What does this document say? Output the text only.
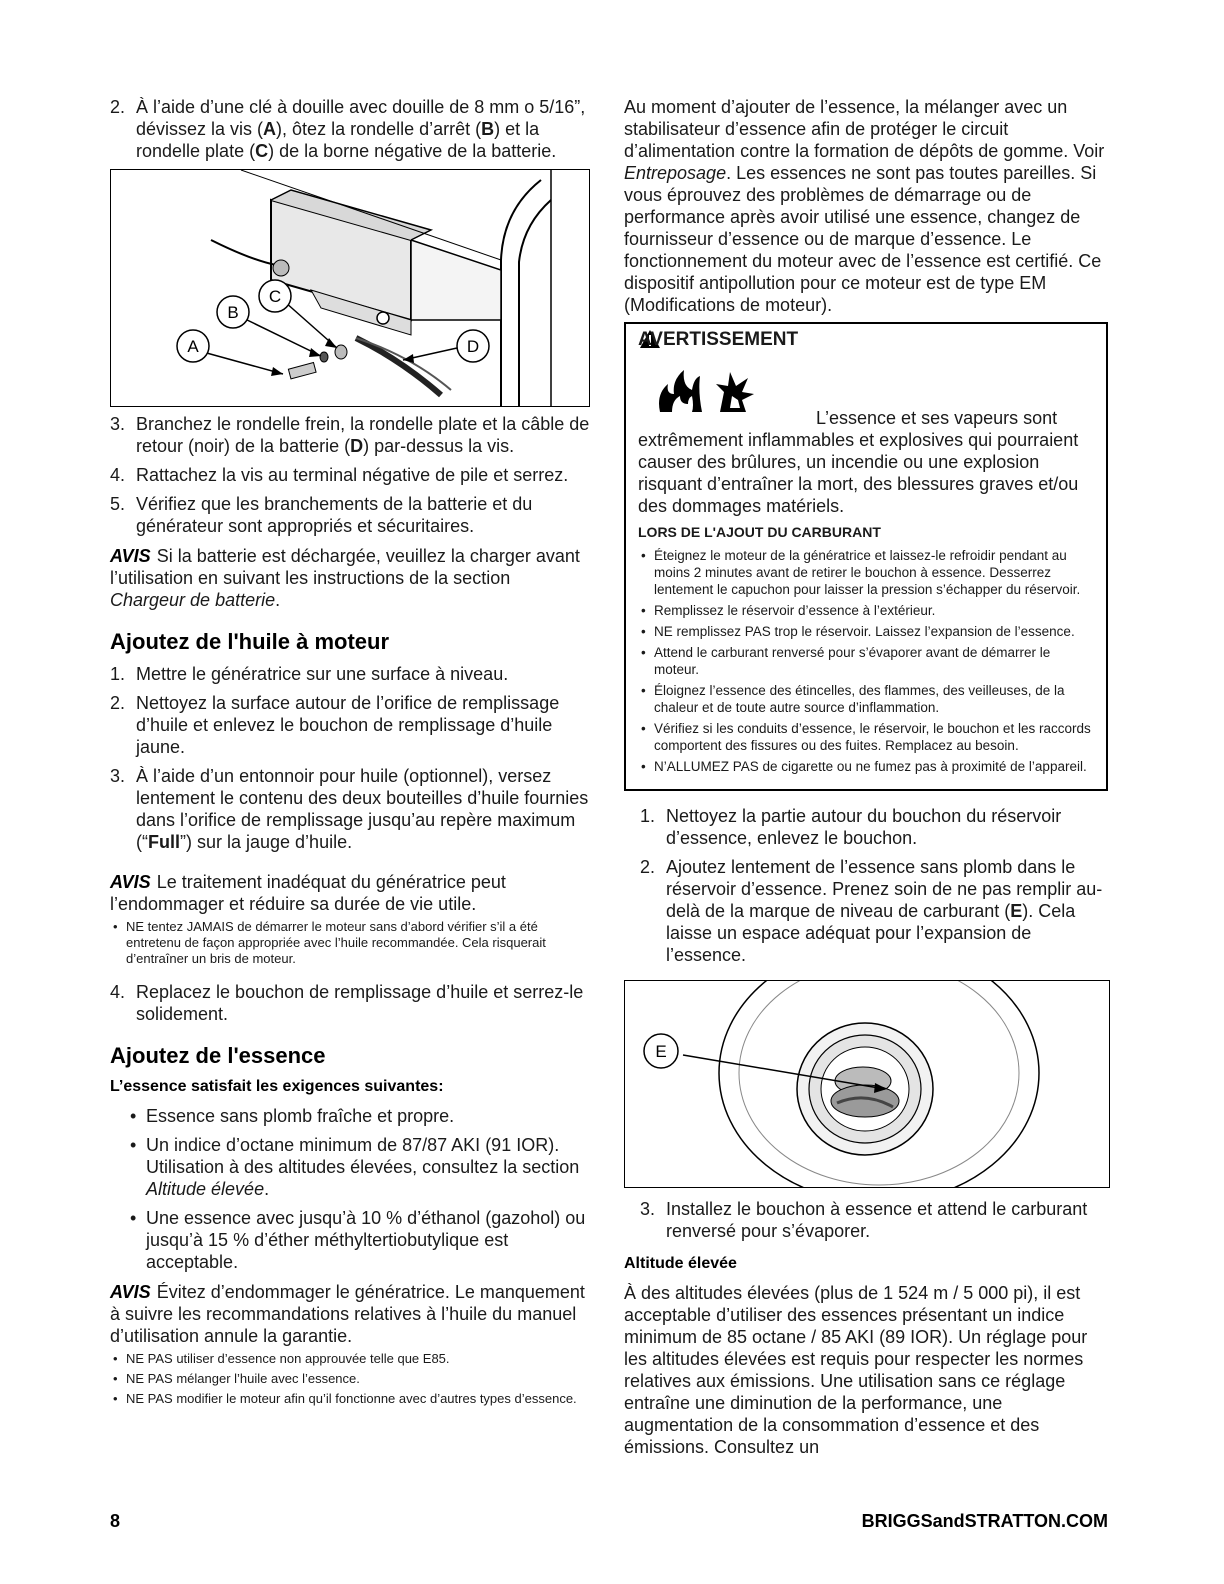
2. À l’aide d’une clé à douille avec douille de 8 mm o 5/16”, dévissez la vis (A), ôtez la rondelle d’arrêt (B) et la rondelle plate (C) de la borne négative de la batterie.
A
B
C
D
3. Branchez le rondelle frein, la rondelle plate et la câble de retour (noir) de la batterie (D) par-dessus la vis.
4. Rattachez la vis au terminal négative de pile et serrez.
5. Vérifiez que les branchements de la batterie et du générateur sont appropriés et sécuritaires.

AVIS Si la batterie est déchargée, veuillez la charger avant l’utilisation en suivant les instructions de la section Chargeur de batterie.

Ajoutez de l'huile à moteur
1. Mettre le génératrice sur une surface à niveau.
2. Nettoyez la surface autour de l’orifice de remplissage d’huile et enlevez le bouchon de remplissage d’huile jaune.
3. À l’aide d’un entonnoir pour huile (optionnel), versez lentement le contenu des deux bouteilles d’huile fournies dans l’orifice de remplissage jusqu’au repère maximum (“Full”) sur la jauge d’huile.

AVIS Le traitement inadéquat du génératrice peut l’endommager et réduire sa durée de vie utile.

• NE tentez JAMAIS de démarrer le moteur sans d’abord vérifier s’il a été entretenu de façon appropriée avec l’huile recommandée. Cela risquerait d’entraîner un bris de moteur.
4. Replacez le bouchon de remplissage d’huile et serrez-le solidement.
Ajoutez de l'essence
L’essence satisfait les exigences suivantes:
• Essence sans plomb fraîche et propre.
• Un indice d’octane minimum de 87/87 AKI (91 IOR). Utilisation à des altitudes élevées, consultez la section Altitude élevée.
• Une essence avec jusqu’à 10 % d’éthanol (gazohol) ou jusqu’à 15 % d’éther méthyltertiobutylique est acceptable.

AVIS Évitez d’endommager le génératrice. Le manquement à suivre les recommandations relatives à l’huile du manuel d’utilisation annule la garantie.

• NE PAS utiliser d’essence non approuvée telle que E85.
• NE PAS mélanger l’huile avec l’essence.
• NE PAS modifier le moteur afin qu’il fonctionne avec d’autres types d’essence.

Au moment d’ajouter de l’essence, la mélanger avec un stabilisateur d’essence afin de protéger le circuit d’alimentation contre la formation de dépôts de gomme. Voir Entreposage. Les essences ne sont pas toutes pareilles. Si vous éprouvez des problèmes de démarrage ou de performance après avoir utilisé une essence, changez de fournisseur d’essence ou de marque d’essence. Le fonctionnement du moteur avec de l’essence est certifié. Ce dispositif antipollution pour ce moteur est de type EM (Modifications de moteur).

AVERTISSEMENT

L’essence et ses vapeurs sont extrêmement inflammables et explosives qui pourraient causer des brûlures, un incendie ou une explosion

risquant d’entraîner la mort, des blessures graves et/ou des dommages matériels.

LORS DE L'AJOUT DU CARBURANT

• Éteignez le moteur de la génératrice et laissez-le refroidir pendant au moins 2 minutes avant de retirer le bouchon à essence. Desserrez lentement le capuchon pour laisser la pression s’échapper du réservoir.
• Remplissez le réservoir d’essence à l’extérieur.
• NE remplissez PAS trop le réservoir. Laissez l’expansion de l’essence.
• Attend le carburant renversé pour s’évaporer avant de démarrer le moteur.
• Éloignez l’essence des étincelles, des flammes, des veilleuses, de la chaleur et de toute autre source d’inflammation.
• Vérifiez si les conduits d’essence, le réservoir, le bouchon et les raccords comportent des fissures ou des fuites. Remplacez au besoin.
• N’ALLUMEZ PAS de cigarette ou ne fumez pas à proximité de l’appareil.
1. Nettoyez la partie autour du bouchon du réservoir d’essence, enlevez le bouchon.
2. Ajoutez lentement de l’essence sans plomb dans le réservoir d’essence. Prenez soin de ne pas remplir au-delà de la marque de niveau de carburant (E). Cela laisse un espace adéquat pour l’expansion de l’essence.
E
3. Installez le bouchon à essence et attend le carburant renversé pour s’évaporer.
Altitude élevée

À des altitudes élevées (plus de 1 524 m / 5 000 pi), il est acceptable d’utiliser des essences présentant un indice minimum de 85 octane / 85 AKI (89 IOR). Un réglage pour les altitudes élevées est requis pour respecter les normes relatives aux émissions. Une utilisation sans ce réglage entraîne une diminution de la performance, une augmentation de la consommation d’essence et des émissions. Consultez un

8	BRIGGSandSTRATTON.COM
